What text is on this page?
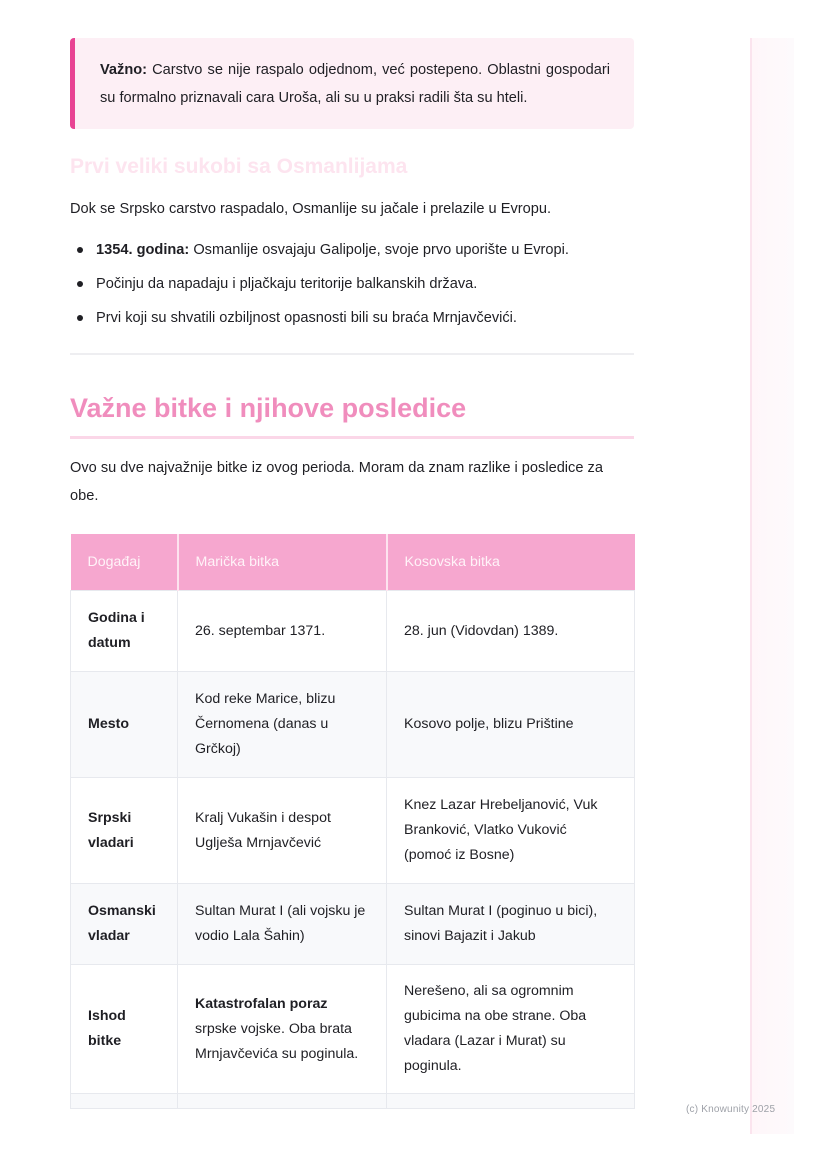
(c) Knowunity 2025
Važno: Carstvo se nije raspalo odjednom, već postepeno. Oblastni gospodari su formalno priznavali cara Uroša, ali su u praksi radili šta su hteli.
Prvi veliki sukobi sa Osmanlijama

Dok se Srpsko carstvo raspadalo, Osmanlije su jačale i prelazile u Evropu.

1354. godina: Osmanlije osvajaju Galipolje, svoje prvo uporište u Evropi.
Počinju da napadaju i pljačkaju teritorije balkanskih država.
Prvi koji su shvatili ozbiljnost opasnosti bili su braća Mrnjavčevići.
Važne bitke i njihove posledice

Ovo su dve najvažnije bitke iz ovog perioda. Moram da znam razlike i posledice za obe.

Događaj	Marička bitka	Kosovska bitka
Godina i datum	26. septembar 1371.	28. jun (Vidovdan) 1389.
Mesto	Kod reke Marice, blizu Černomena (danas u Grčkoj)	Kosovo polje, blizu Prištine
Srpski vladari	Kralj Vukašin i despot Uglješa Mrnjavčević	Knez Lazar Hrebeljanović, Vuk Branković, Vlatko Vuković (pomoć iz Bosne)
Osmanski vladar	Sultan Murat I (ali vojsku je vodio Lala Šahin)	Sultan Murat I (poginuo u bici), sinovi Bajazit i Jakub
Ishod bitke	Katastrofalan poraz srpske vojske. Oba brata Mrnjavčevića su poginula.	Nerešeno, ali sa ogromnim gubicima na obe strane. Oba vladara (Lazar i Murat) su poginula.
